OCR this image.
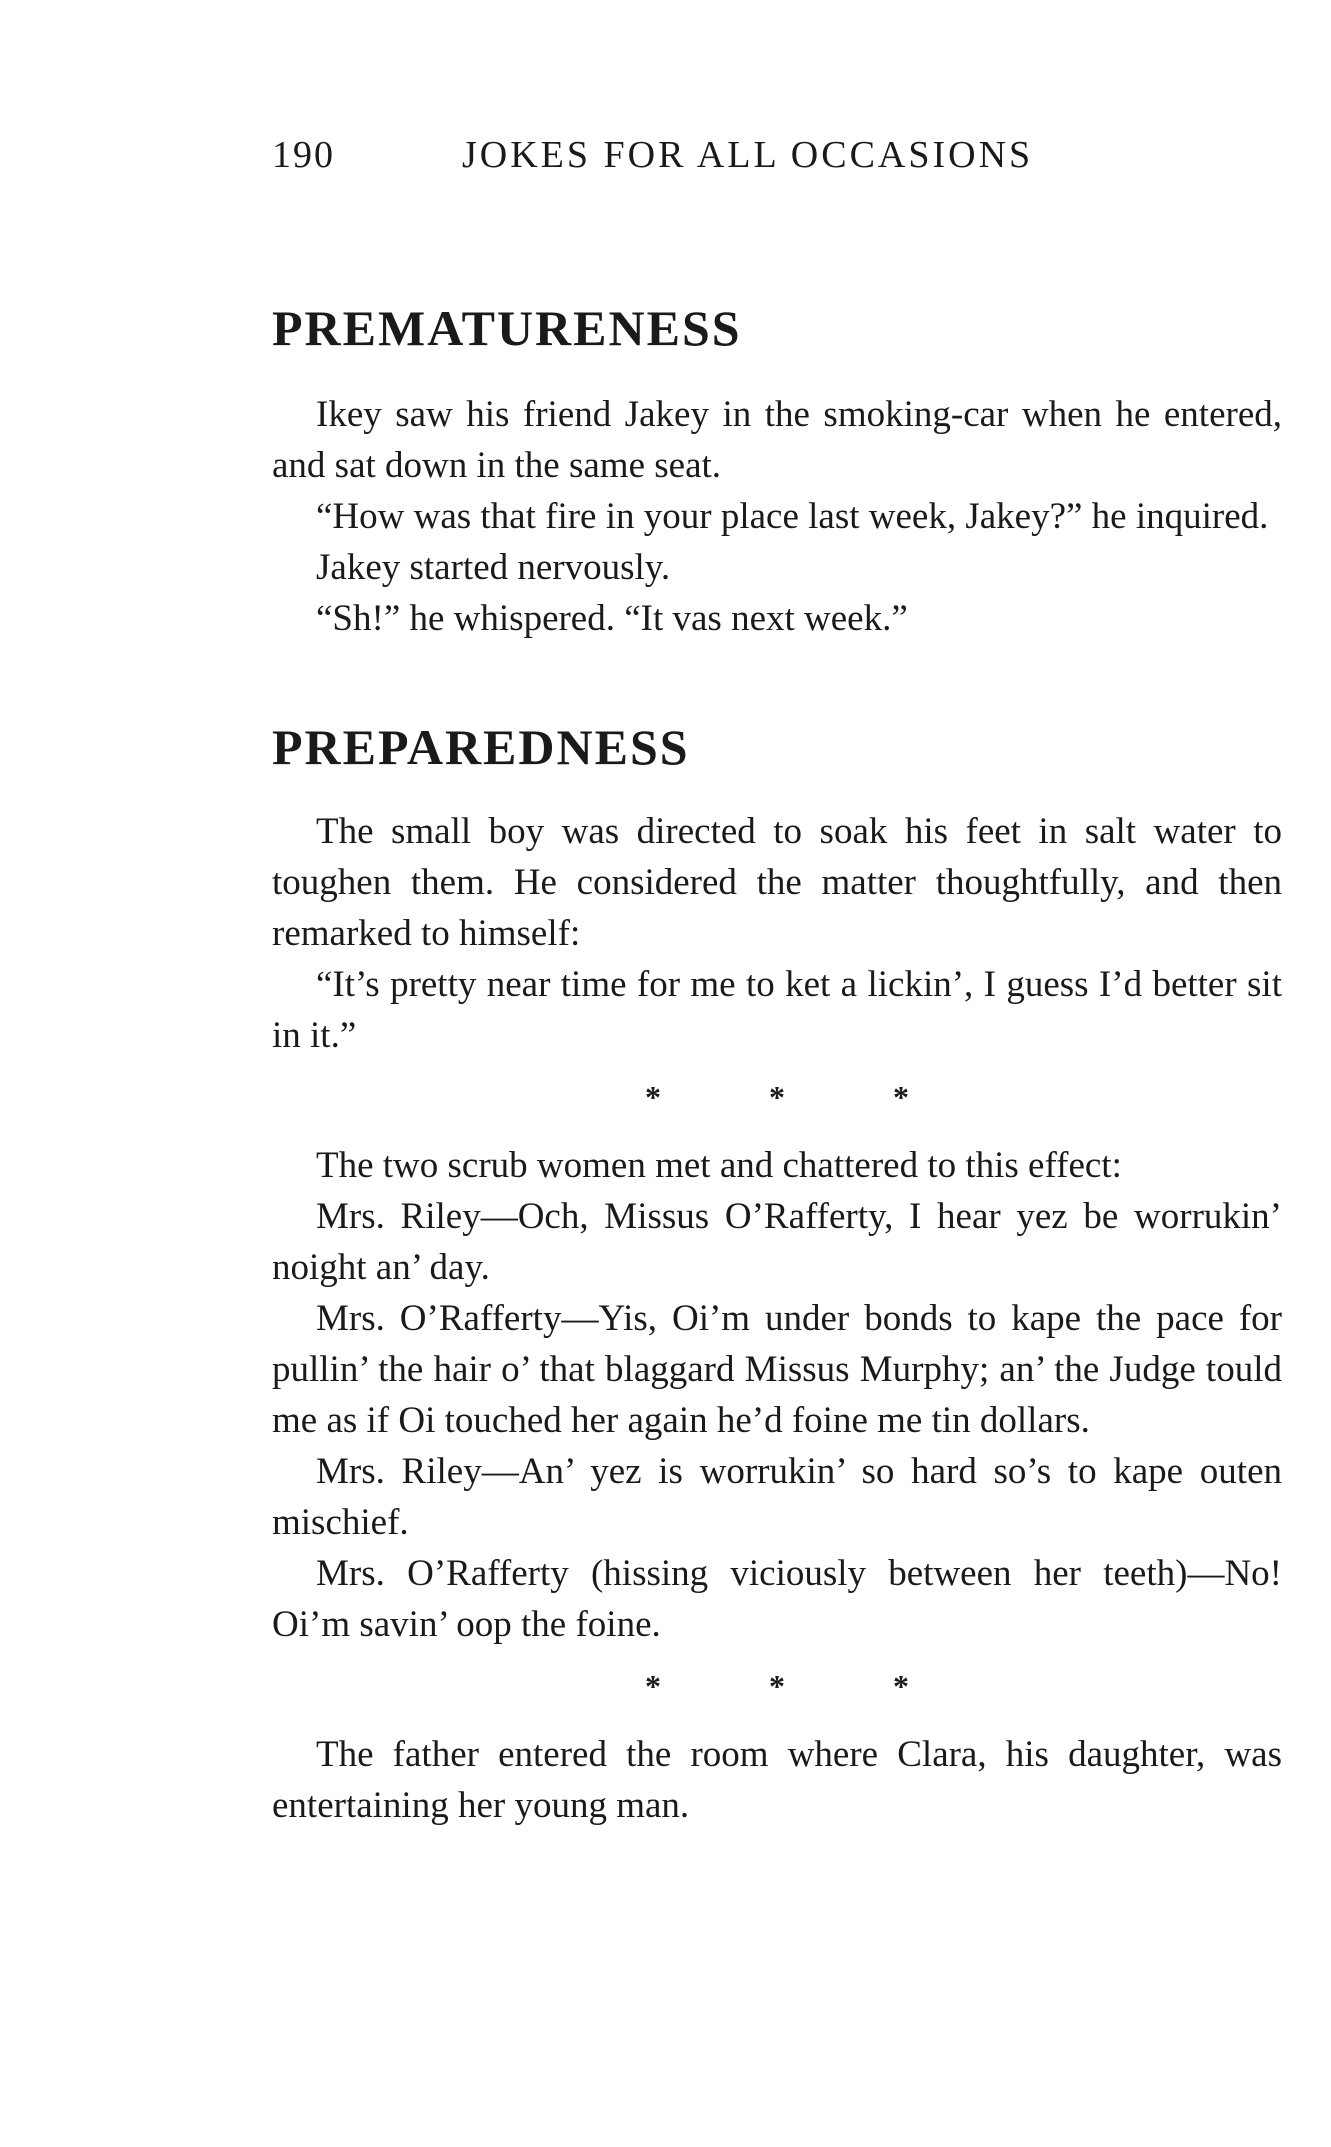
190	JOKES FOR ALL OCCASIONS
PREMATURENESS

Ikey saw his friend Jakey in the smoking-car when he entered, and sat down in the same seat.

“How was that fire in your place last week, Jakey?” he inquired.

Jakey started nervously.

“Sh!” he whispered. “It vas next week.”

PREPAREDNESS

The small boy was directed to soak his feet in salt water to toughen them. He considered the matter thoughtfully, and then remarked to himself:

“It’s pretty near time for me to ket a lickin’, I guess I’d better sit in it.”

* * *

The two scrub women met and chattered to this effect:

Mrs. Riley—Och, Missus O’Rafferty, I hear yez be worrukin’ noight an’ day.

Mrs. O’Rafferty—Yis, Oi’m under bonds to kape the pace for pullin’ the hair o’ that blaggard Missus Murphy; an’ the Judge tould me as if Oi touched her again he’d foine me tin dollars.

Mrs. Riley—An’ yez is worrukin’ so hard so’s to kape outen mischief.

Mrs. O’Rafferty (hissing viciously between her teeth)—No! Oi’m savin’ oop the foine.

* * *

The father entered the room where Clara, his daughter, was entertaining her young man.
